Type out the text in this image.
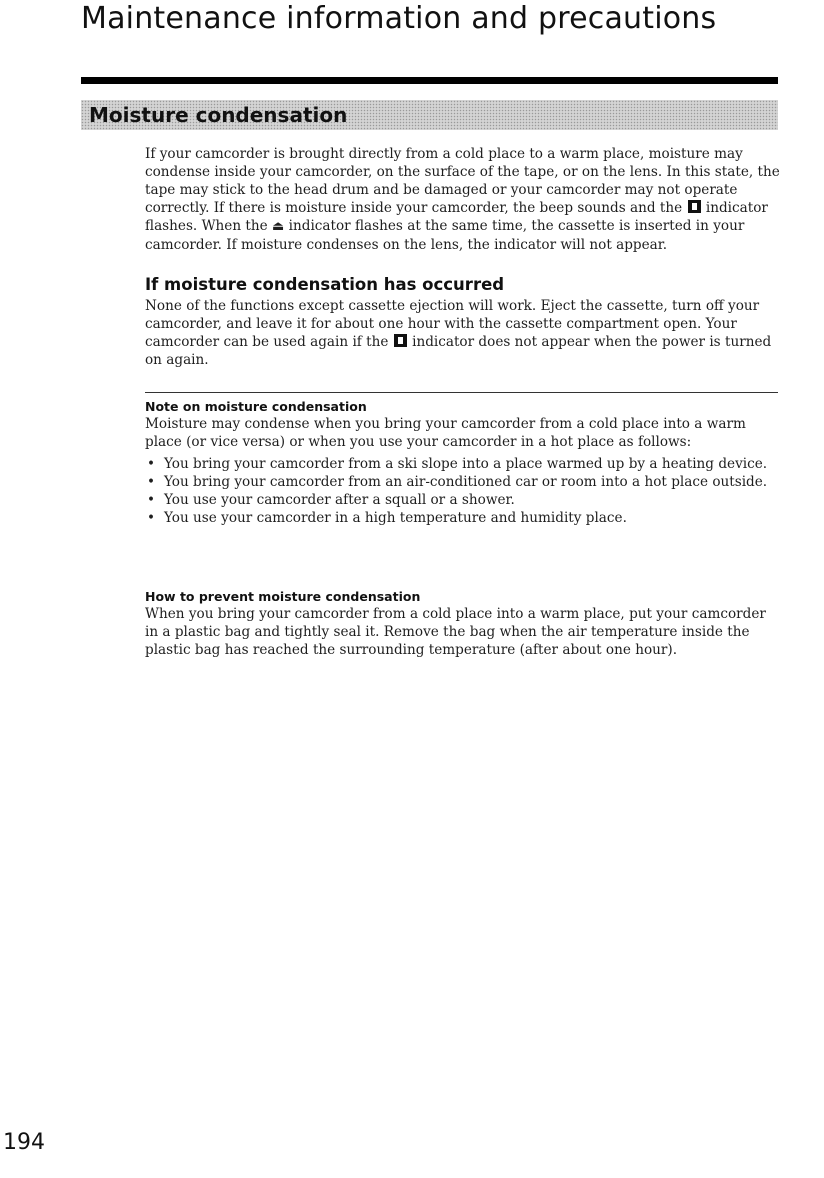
Maintenance information and precautions
Moisture condensation

If your camcorder is brought directly from a cold place to a warm place, moisture may condense inside your camcorder, on the surface of the tape, or on the lens. In this state, the tape may stick to the head drum and be damaged or your camcorder may not operate correctly. If there is moisture inside your camcorder, the beep sounds and the indicator flashes. When the ⏏ indicator flashes at the same time, the cassette is inserted in your camcorder. If moisture condenses on the lens, the indicator will not appear.

If moisture condensation has occurred

None of the functions except cassette ejection will work. Eject the cassette, turn off your camcorder, and leave it for about one hour with the cassette compartment open. Your camcorder can be used again if the indicator does not appear when the power is turned on again.

Note on moisture condensation

Moisture may condense when you bring your camcorder from a cold place into a warm place (or vice versa) or when you use your camcorder in a hot place as follows:

• You bring your camcorder from a ski slope into a place warmed up by a heating device.
• You bring your camcorder from an air-conditioned car or room into a hot place outside.
• You use your camcorder after a squall or a shower.
• You use your camcorder in a high temperature and humidity place.
How to prevent moisture condensation

When you bring your camcorder from a cold place into a warm place, put your camcorder in a plastic bag and tightly seal it. Remove the bag when the air temperature inside the plastic bag has reached the surrounding temperature (after about one hour).

194
